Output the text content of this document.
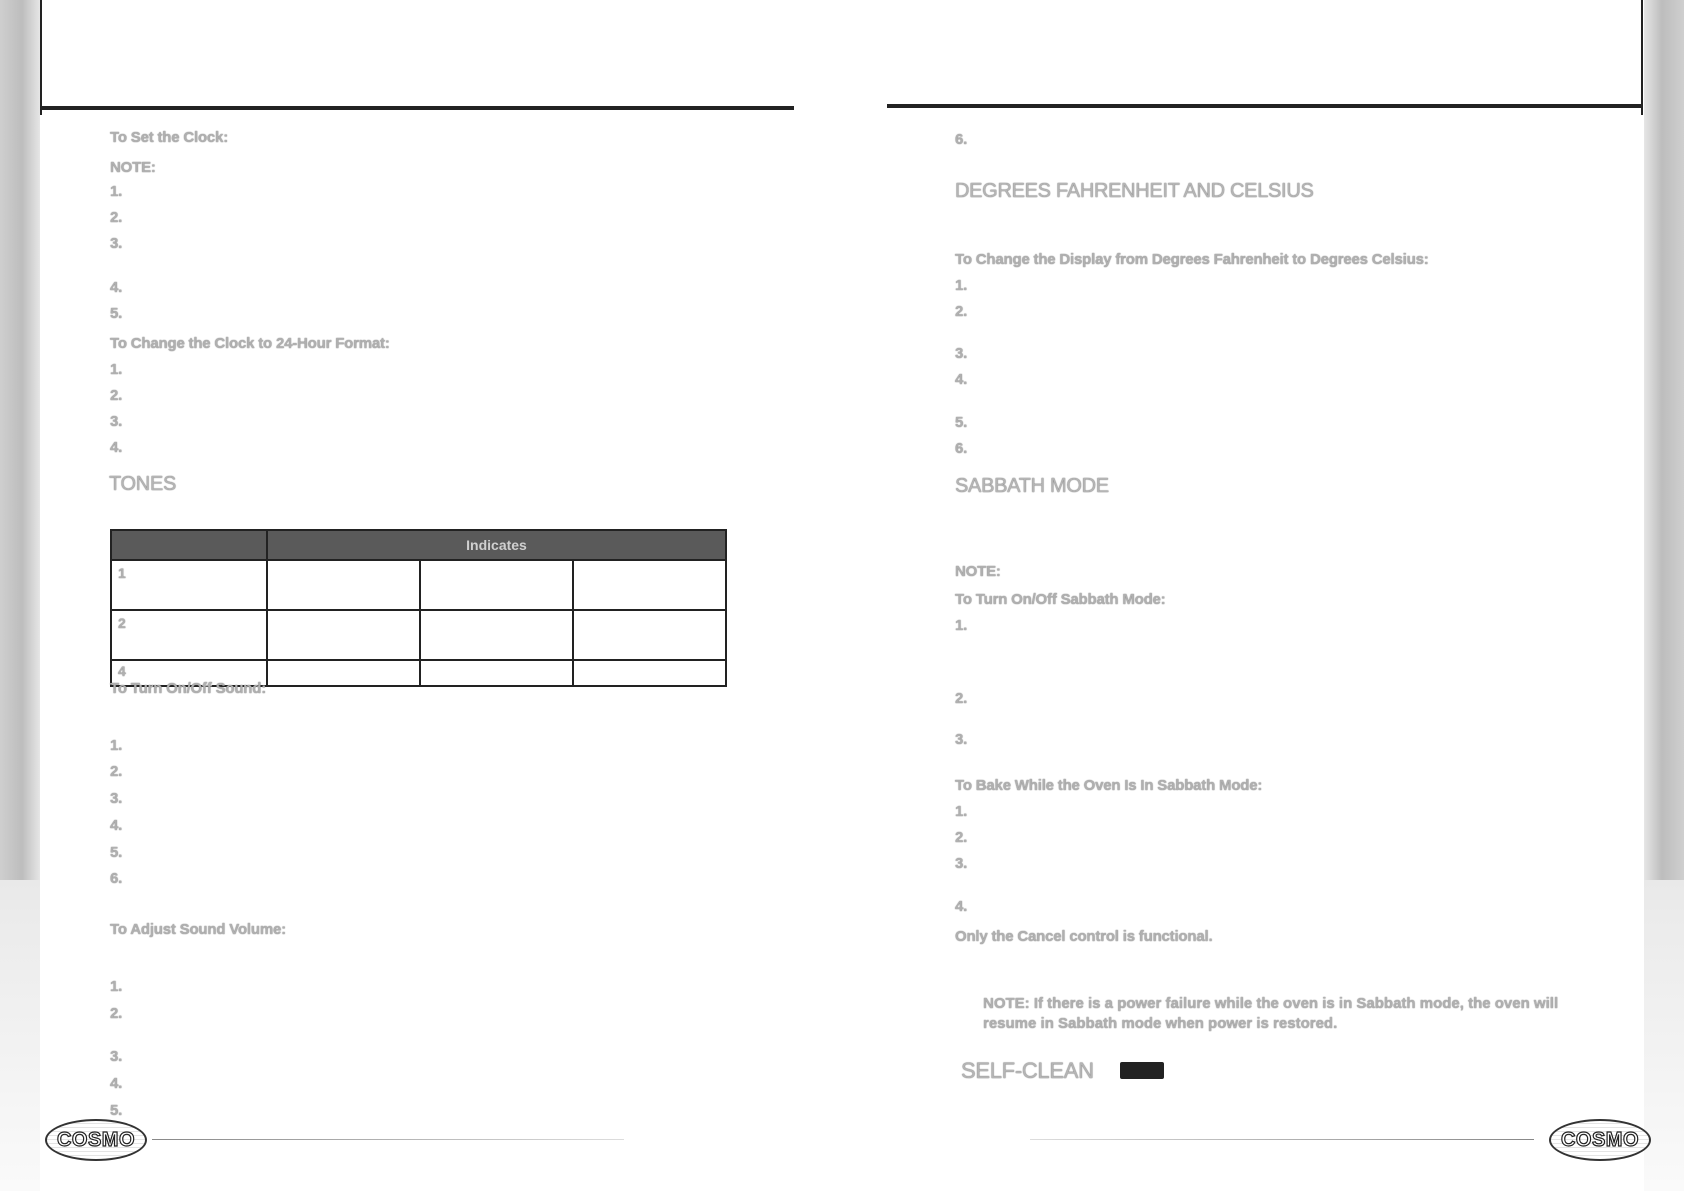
To Set the Clock:
NOTE:
1.
2.
3.
4.
5.
To Change the Clock to 24-Hour Format:
1.
2.
3.
4.
TONES
	Indicates		
1			
2			
4			
To Turn On/Off Sound:
1.
2.
3.
4.
5.
6.
To Adjust Sound Volume:
1.
2.
3.
4.
5.
6.
DEGREES FAHRENHEIT AND CELSIUS
To Change the Display from Degrees Fahrenheit to Degrees Celsius:
1.
2.
3.
4.
5.
6.
SABBATH MODE
NOTE:
To Turn On/Off Sabbath Mode:
1.
2.
3.
To Bake While the Oven Is In Sabbath Mode:
1.
2.
3.
4.
Only the Cancel control is functional.
NOTE: If there is a power failure while the oven is in Sabbath mode, the oven will
resume in Sabbath mode when power is restored.
SELF-CLEAN
COSMO	COSMO
